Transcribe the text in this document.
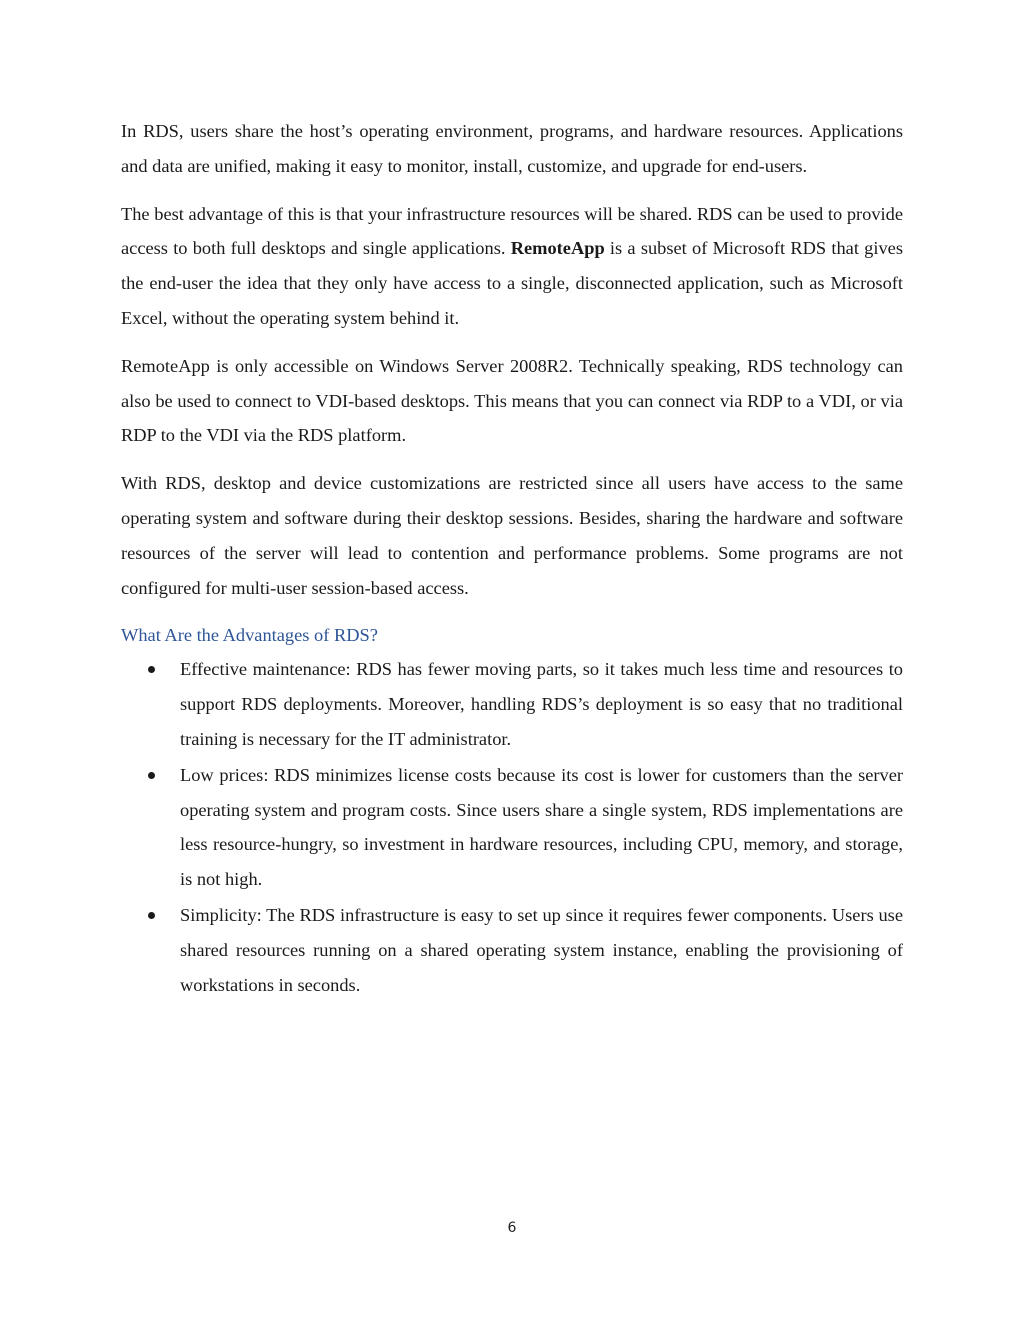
In RDS, users share the host’s operating environment, programs, and hardware resources. Applications and data are unified, making it easy to monitor, install, customize, and upgrade for end-users.

The best advantage of this is that your infrastructure resources will be shared. RDS can be used to provide access to both full desktops and single applications. RemoteApp is a subset of Microsoft RDS that gives the end-user the idea that they only have access to a single, disconnected application, such as Microsoft Excel, without the operating system behind it.

RemoteApp is only accessible on Windows Server 2008R2. Technically speaking, RDS technology can also be used to connect to VDI-based desktops. This means that you can connect via RDP to a VDI, or via RDP to the VDI via the RDS platform.

With RDS, desktop and device customizations are restricted since all users have access to the same operating system and software during their desktop sessions. Besides, sharing the hardware and software resources of the server will lead to contention and performance problems. Some programs are not configured for multi-user session-based access.

What Are the Advantages of RDS?
Effective maintenance: RDS has fewer moving parts, so it takes much less time and resources to support RDS deployments. Moreover, handling RDS’s deployment is so easy that no traditional training is necessary for the IT administrator.
Low prices: RDS minimizes license costs because its cost is lower for customers than the server operating system and program costs. Since users share a single system, RDS implementations are less resource-hungry, so investment in hardware resources, including CPU, memory, and storage, is not high.
Simplicity: The RDS infrastructure is easy to set up since it requires fewer components. Users use shared resources running on a shared operating system instance, enabling the provisioning of workstations in seconds.
6
